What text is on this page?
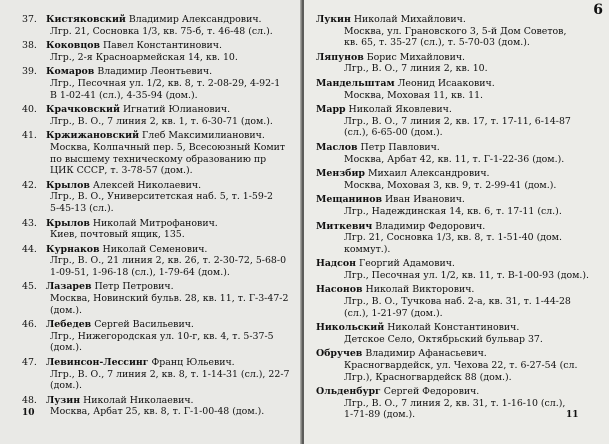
37. Кистяковский Владимир Александрович.
Лгр. 21, Сосновка 1/3, кв. 75-б, т. 46-48 (сл.).
38. Коковцов Павел Константинович.
Лгр., 2-я Красноармейская 14, кв. 10.
39. Комаров Владимир Леонтьевич.
Лгр., Песочная ул. 1/2, кв. 8, т. 2-08-29, 4-92-1
В 1-02-41 (сл.), 4-35-94 (дом.).
40. Крачковский Игнатий Юлианович.
Лгр., В. О., 7 линия 2, кв. 1, т. 6-30-71 (дом.).
41. Кржижановский Глеб Максимилианович.
Москва, Колпачный пер. 5, Всесоюзный Комит
по высшему техническому образованию пр
ЦИК СССР, т. 3-78-57 (дом.).
42. Крылов Алексей Николаевич.
Лгр., В. О., Университетская наб. 5, т. 1-59-2
5-45-13 (сл.).
43. Крылов Николай Митрофанович.
Киев, почтовый ящик, 135.
44. Курнаков Николай Семенович.
Лгр., В. О., 21 линия 2, кв. 26, т. 2-30-72, 5-68-0
1-09-51, 1-96-18 (сл.), 1-79-64 (дом.).
45. Лазарев Петр Петрович.
Москва, Новинский бульв. 28, кв. 11, т. Г-3-47-2
(дом.).
46. Лебедев Сергей Васильевич.
Лгр., Нижегородская ул. 10-г, кв. 4, т. 5-37-5
(дом.).
47. Левинсон-Лессинг Франц Юльевич.
Лгр., В. О., 7 линия 2, кв. 8, т. 1-14-31 (сл.), 22-7
(дом.).
48. Лузин Николай Николаевич.
Москва, Арбат 25, кв. 8, т. Г-1-00-48 (дом.).
10
6
Лукин Николай Михайлович.
Москва, ул. Грановского 3, 5-й Дом Советов,
кв. 65, т. 35-27 (сл.), т. 5-70-03 (дом.).
Ляпунов Борис Михайлович.
Лгр., В. О., 7 линия 2, кв. 10.
Мандельштам Леонид Исаакович.
Москва, Моховая 11, кв. 11.
Марр Николай Яковлевич.
Лгр., В. О., 7 линия 2, кв. 17, т. 17-11, 6-14-87
(сл.), 6-65-00 (дом.).
Маслов Петр Павлович.
Москва, Арбат 42, кв. 11, т. Г-1-22-36 (дом.).
Мензбир Михаил Александрович.
Москва, Моховая 3, кв. 9, т. 2-99-41 (дом.).
Мещанинов Иван Иванович.
Лгр., Надеждинская 14, кв. 6, т. 17-11 (сл.).
Миткевич Владимир Федорович.
Лгр. 21, Сосновка 1/3, кв. 8, т. 1-51-40 (дом.
коммут.).
Надсон Георгий Адамович.
Лгр., Песочная ул. 1/2, кв. 11, т. В-1-00-93 (дом.).
Насонов Николай Викторович.
Лгр., В. О., Тучкова наб. 2-а, кв. 31, т. 1-44-28
(сл.), 1-21-97 (дом.).
Никольский Николай Константинович.
Детское Село, Октябрьский бульвар 37.
Обручев Владимир Афанасьевич.
Красногвардейск, ул. Чехова 22, т. 6-27-54 (сл.
Лгр.), Красногвардейск 88 (дом.).
Ольденбург Сергей Федорович.
Лгр., В. О., 7 линия 2, кв. 31, т. 1-16-10 (сл.),
1-71-89 (дом.).	11
